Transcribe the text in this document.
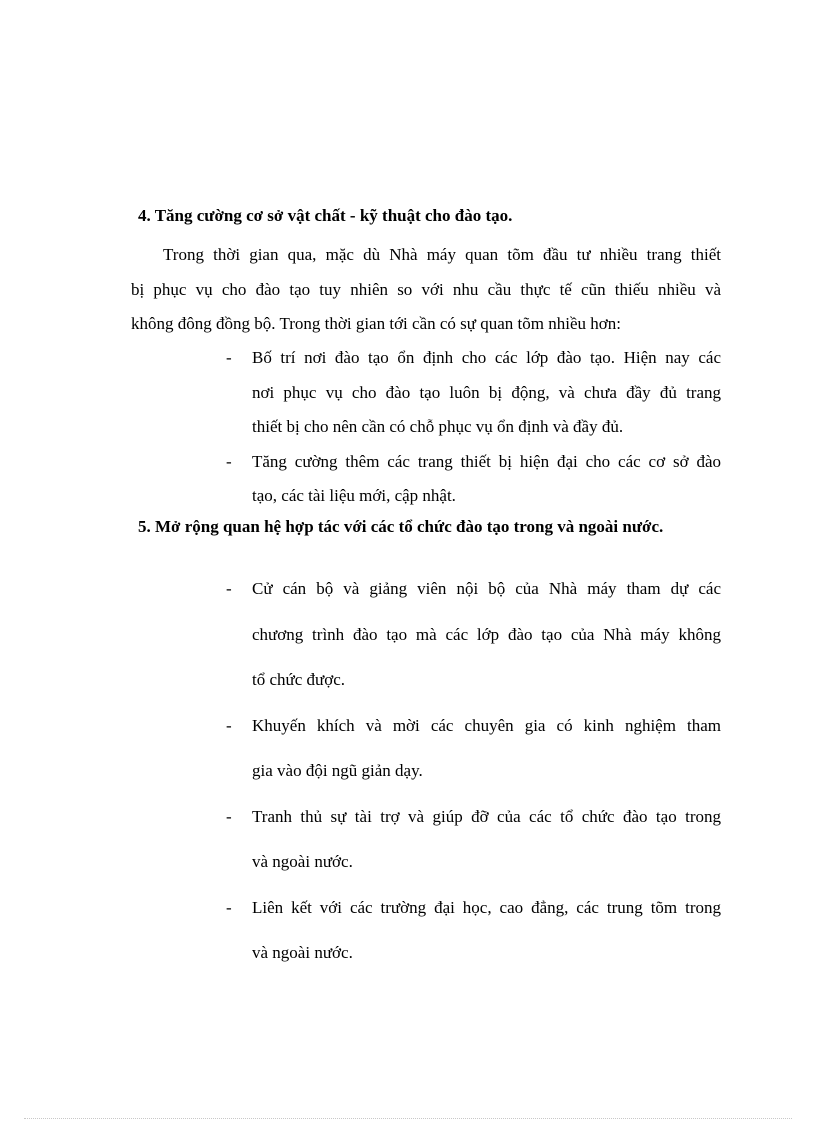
4. Tăng cường cơ sở vật chất - kỹ thuật cho đào tạo.
Trong thời gian qua, mặc dù Nhà máy quan tõm đầu tư nhiều trang thiết
bị phục vụ cho đào tạo tuy nhiên so với nhu cầu thực tế cũn thiếu nhiều và
không đông đồng bộ. Trong thời gian tới cần có sự quan tõm nhiều hơn:
- Bố trí nơi đào tạo ổn định cho các lớp đào tạo. Hiện nay các
nơi phục vụ cho đào tạo luôn bị động, và chưa đầy đủ trang
thiết bị cho nên cần có chỗ phục vụ ổn định và đầy đủ.
- Tăng cường thêm các trang thiết bị hiện đại cho các cơ sở đào
tạo, các tài liệu mới, cập nhật.
5. Mở rộng quan hệ hợp tác với các tổ chức đào tạo trong và ngoài nước.
- Cử cán bộ và giảng viên nội bộ của Nhà máy tham dự các
chương trình đào tạo mà các lớp đào tạo của Nhà máy không
tổ chức được.
- Khuyến khích và mời các chuyên gia có kinh nghiệm tham
gia vào đội ngũ giản dạy.
- Tranh thủ sự tài trợ và giúp đỡ của các tổ chức đào tạo trong
và ngoài nước.
- Liên kết với các trường đại học, cao đẳng, các trung tõm trong
và ngoài nước.
